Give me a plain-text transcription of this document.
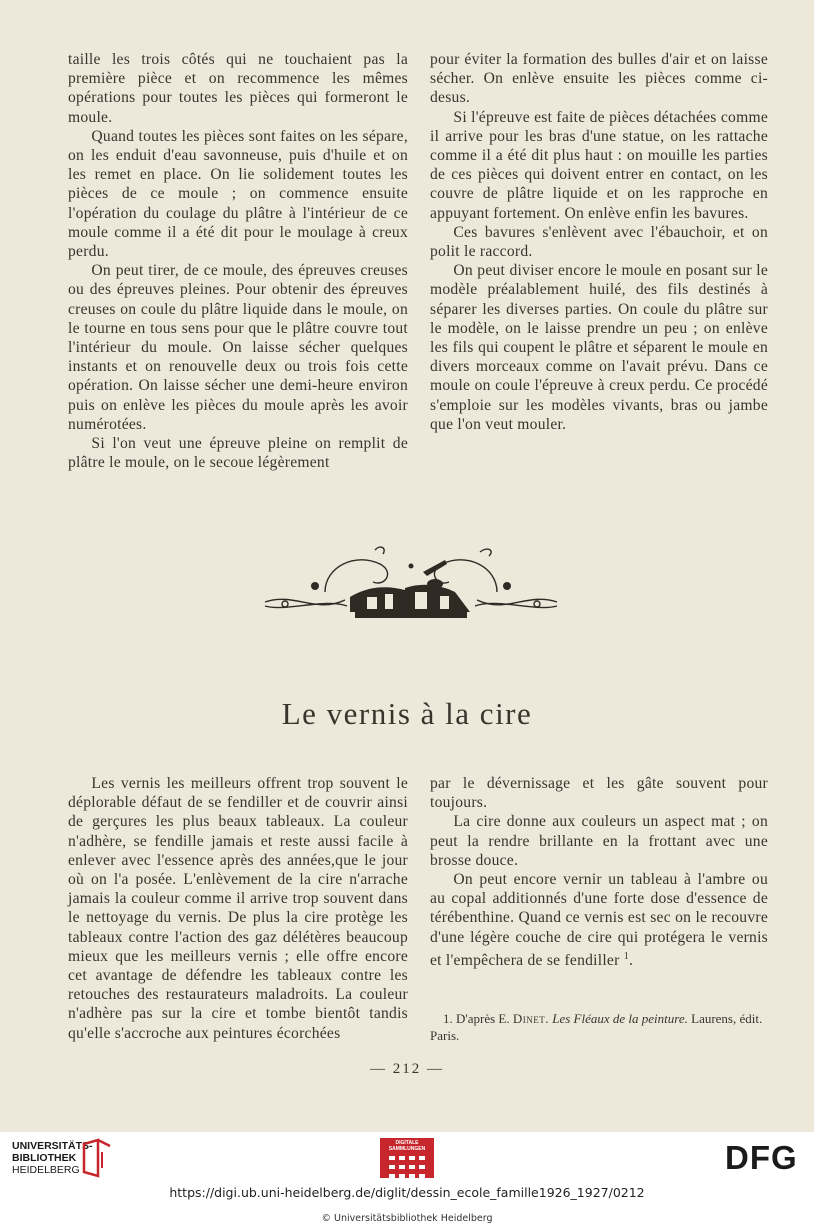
taille les trois côtés qui ne touchaient pas la première pièce et on recommence les mêmes opérations pour toutes les pièces qui formeront le moule.

Quand toutes les pièces sont faites on les sépare, on les enduit d'eau savonneuse, puis d'huile et on les remet en place. On lie solidement toutes les pièces de ce moule ; on commence ensuite l'opération du coulage du plâtre à l'intérieur de ce moule comme il a été dit pour le moulage à creux perdu.

On peut tirer, de ce moule, des épreuves creuses ou des épreuves pleines. Pour obtenir des épreuves creuses on coule du plâtre liquide dans le moule, on le tourne en tous sens pour que le plâtre couvre tout l'intérieur du moule. On laisse sécher quelques instants et on renouvelle deux ou trois fois cette opération. On laisse sécher une demi-heure environ puis on enlève les pièces du moule après les avoir numérotées.

Si l'on veut une épreuve pleine on remplit de plâtre le moule, on le secoue légèrement

pour éviter la formation des bulles d'air et on laisse sécher. On enlève ensuite les pièces comme ci-desus.

Si l'épreuve est faite de pièces détachées comme il arrive pour les bras d'une statue, on les rattache comme il a été dit plus haut : on mouille les parties de ces pièces qui doivent entrer en contact, on les couvre de plâtre liquide et on les rapproche en appuyant fortement. On enlève enfin les bavures.

Ces bavures s'enlèvent avec l'ébauchoir, et on polit le raccord.

On peut diviser encore le moule en posant sur le modèle préalablement huilé, des fils destinés à séparer les diverses parties. On coule du plâtre sur le modèle, on le laisse prendre un peu ; on enlève les fils qui coupent le plâtre et séparent le moule en divers morceaux comme on l'avait prévu. Dans ce moule on coule l'épreuve à creux perdu. Ce procédé s'emploie sur les modèles vivants, bras ou jambe que l'on veut mouler.

Le vernis à la cire

Les vernis les meilleurs offrent trop souvent le déplorable défaut de se fendiller et de couvrir ainsi de gerçures les plus beaux tableaux. La couleur n'adhère, se fendille jamais et reste aussi facile à enlever avec l'essence après des années,que le jour où on l'a posée. L'enlèvement de la cire n'arrache jamais la couleur comme il arrive trop souvent dans le nettoyage du vernis. De plus la cire protège les tableaux contre l'action des gaz délétères beaucoup mieux que les meilleurs vernis ; elle offre encore cet avantage de défendre les tableaux contre les retouches des restaurateurs maladroits. La couleur n'adhère pas sur la cire et tombe bientôt tandis qu'elle s'accroche aux peintures écorchées

par le dévernissage et les gâte souvent pour toujours.

La cire donne aux couleurs un aspect mat ; on peut la rendre brillante en la frottant avec une brosse douce.

On peut encore vernir un tableau à l'ambre ou au copal additionnés d'une forte dose d'essence de térébenthine. Quand ce vernis est sec on le recouvre d'une légère couche de cire qui protégera le vernis et l'empêchera de se fendiller $^1$.

1. D'après E. Dinet. Les Fléaux de la peinture. Laurens, édit. Paris.
— 212 —
UNIVERSITÄTS-
BIBLIOTHEK
HEIDELBERG
DIGITALE SAMMLUNGEN	DFG
https://digi.ub.uni-heidelberg.de/diglit/dessin_ecole_famille1926_1927/0212
© Universitätsbibliothek Heidelberg
